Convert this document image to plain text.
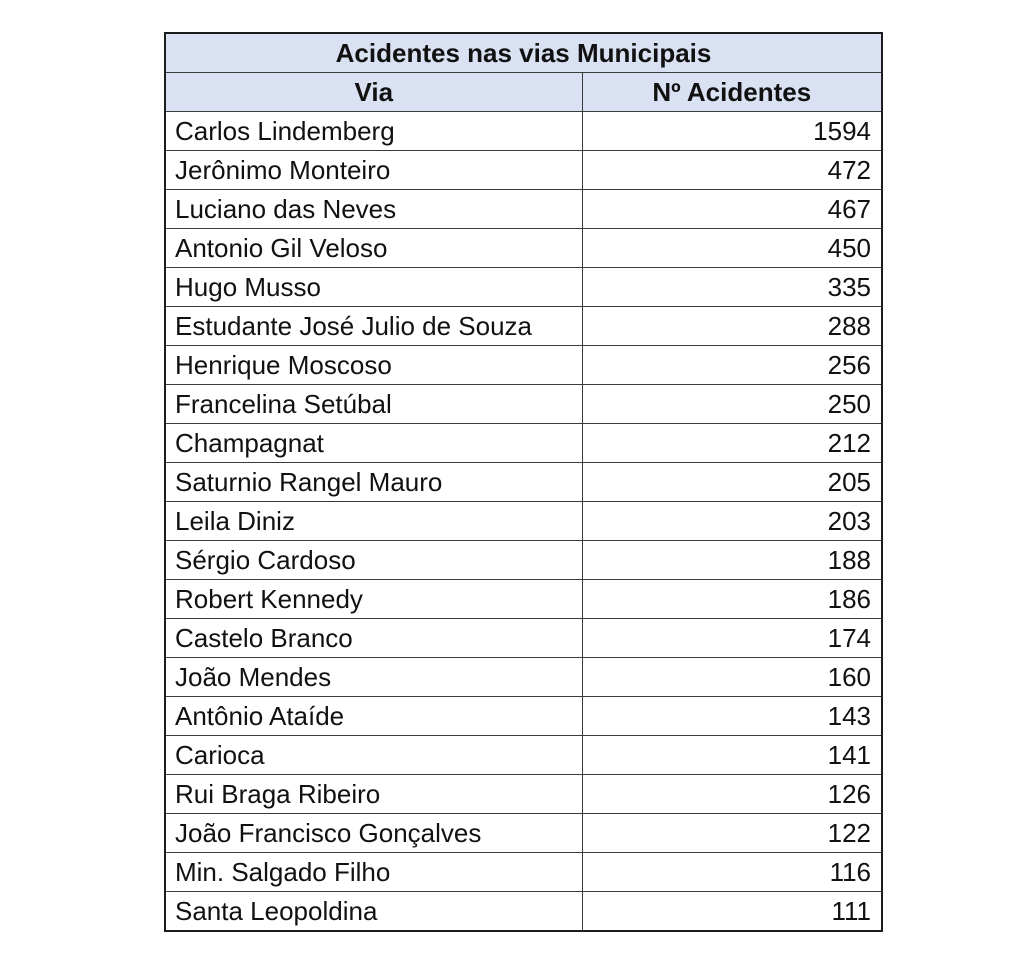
Acidentes nas vias Municipais	
Via	Nº Acidentes
Carlos Lindemberg	1594
Jerônimo Monteiro	472
Luciano das Neves	467
Antonio Gil Veloso	450
Hugo Musso	335
Estudante José Julio de Souza	288
Henrique Moscoso	256
Francelina Setúbal	250
Champagnat	212
Saturnio Rangel Mauro	205
Leila Diniz	203
Sérgio Cardoso	188
Robert Kennedy	186
Castelo Branco	174
João Mendes	160
Antônio Ataíde	143
Carioca	141
Rui Braga Ribeiro	126
João Francisco Gonçalves	122
Min. Salgado Filho	116
Santa Leopoldina	111
